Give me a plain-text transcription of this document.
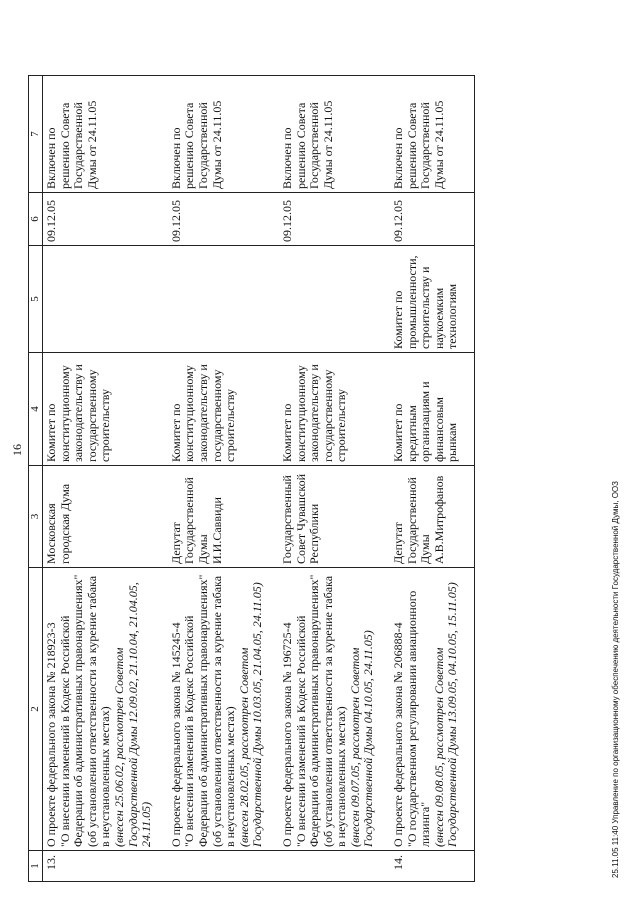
16
1	2	3	4	5	6	7
13.	О проекте федерального закона № 218923-3 "О внесении изменений в Кодекс Российской Федерации об административных правонарушениях" (об установлении ответственности за курение табака в неустановленных местах) (внесен 25.06.02, рассмотрен Советом Государственной Думы 12.09.02, 21.10.04, 21.04.05, 24.11.05)	Московская городская Дума	Комитет по конституционному законодательству и государственному строительству		09.12.05	Включен по решению Совета Государственной Думы от 24.11.05

	О проекте федерального закона № 145245-4 "О внесении изменений в Кодекс Российской Федерации об административных правонарушениях" (об установлении ответственности за курение табака в неустановленных местах) (внесен 28.02.05, рассмотрен Советом Государственной Думы 10.03.05, 21.04.05, 24.11.05)	Депутат Государственной Думы И.И.Саввиди	Комитет по конституционному законодательству и государственному строительству		09.12.05	Включен по решению Совета Государственной Думы от 24.11.05

	О проекте федерального закона № 196725-4 "О внесении изменений в Кодекс Российской Федерации об административных правонарушениях" (об установлении ответственности за курение табака в неустановленных местах) (внесен 09.07.05, рассмотрен Советом Государственной Думы 04.10.05, 24.11.05)	Государственный Совет Чувашской Республики	Комитет по конституционному законодательству и государственному строительству		09.12.05	Включен по решению Совета Государственной Думы от 24.11.05
14.	О проекте федерального закона № 206888-4 "О государственном регулировании авиационного лизинга" (внесен 09.08.05, рассмотрен Советом Государственной Думы 13.09.05, 04.10.05, 15.11.05)	Депутат Государственной Думы А.В.Митрофанов	Комитет по кредитным организациям и финансовым рынкам	Комитет по промышленности, строительству и наукоемким технологиям	09.12.05	Включен по решению Совета Государственной Думы от 24.11.05
25.11.05 11:40 Управление по организационному обеспечению деятельности Государственной Думы, ООЗ
